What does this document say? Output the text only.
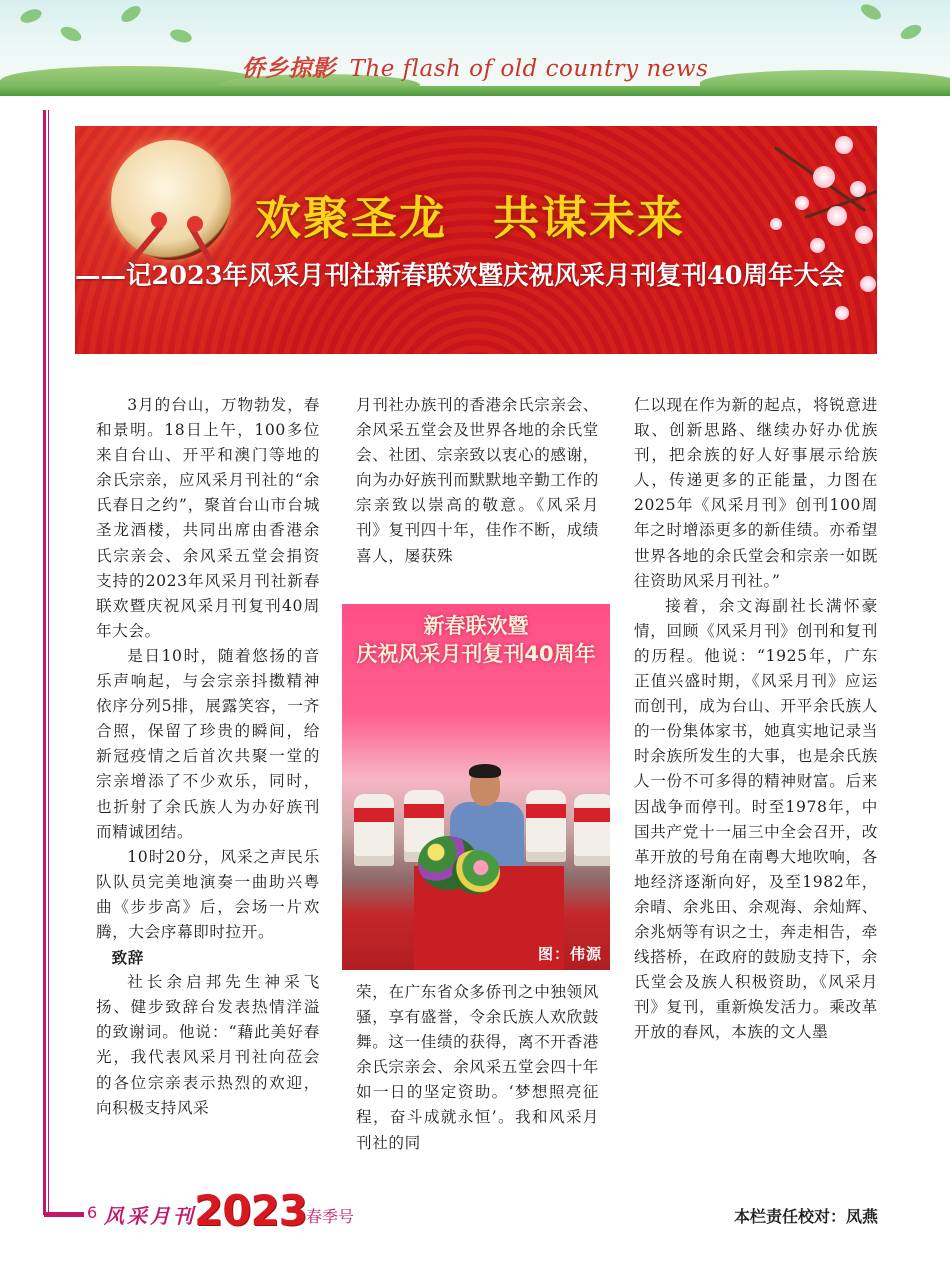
侨乡掠影 The flash of old country news
欢聚圣龙 共谋未来
——记2023年风采月刊社新春联欢暨庆祝风采月刊复刊40周年大会

3月的台山，万物勃发，春和景明。18日上午，100多位来自台山、开平和澳门等地的余氏宗亲，应风采月刊社的“余氏春日之约”，聚首台山市台城圣龙酒楼，共同出席由香港余氏宗亲会、余风采五堂会捐资支持的2023年风采月刊社新春联欢暨庆祝风采月刊复刊40周年大会。

是日10时，随着悠扬的音乐声响起，与会宗亲抖擞精神依序分列5排，展露笑容，一齐合照，保留了珍贵的瞬间，给新冠疫情之后首次共聚一堂的宗亲增添了不少欢乐，同时，也折射了余氏族人为办好族刊而精诚团结。

10时20分，风采之声民乐队队员完美地演奏一曲助兴粤曲《步步高》后，会场一片欢腾，大会序幕即时拉开。

致辞

社长余启邦先生神采飞扬、健步致辞台发表热情洋溢的致谢词。他说：“藉此美好春光，我代表风采月刊社向莅会的各位宗亲表示热烈的欢迎，向积极支持风采

月刊社办族刊的香港余氏宗亲会、余风采五堂会及世界各地的余氏堂会、社团、宗亲致以衷心的感谢，向为办好族刊而默默地辛勤工作的宗亲致以崇高的敬意。《风采月刊》复刊四十年，佳作不断，成绩喜人，屡获殊

新春联欢暨
庆祝风采月刊复刊40周年
图：伟源

荣，在广东省众多侨刊之中独领风骚，享有盛誉，令余氏族人欢欣鼓舞。这一佳绩的获得，离不开香港余氏宗亲会、余风采五堂会四十年如一日的坚定资助。‘梦想照亮征程，奋斗成就永恒’。我和风采月刊社的同

仁以现在作为新的起点，将锐意进取、创新思路、继续办好办优族刊，把余族的好人好事展示给族人，传递更多的正能量，力图在2025年《风采月刊》创刊100周年之时增添更多的新佳绩。亦希望世界各地的余氏堂会和宗亲一如既往资助风采月刊社。”

接着，余文海副社长满怀豪情，回顾《风采月刊》创刊和复刊的历程。他说：“1925年，广东正值兴盛时期，《风采月刊》应运而创刊，成为台山、开平余氏族人的一份集体家书，她真实地记录当时余族所发生的大事，也是余氏族人一份不可多得的精神财富。后来因战争而停刊。时至1978年，中国共产党十一届三中全会召开，改革开放的号角在南粤大地吹响，各地经济逐渐向好，及至1982年，余晴、余兆田、余观海、余灿辉、余兆炳等有识之士，奔走相告，牵线搭桥，在政府的鼓励支持下，余氏堂会及族人积极资助，《风采月刊》复刊，重新焕发活力。乘改革开放的春风，本族的文人墨

6 风采月刊
2023 春季号	本栏责任校对：凤燕
